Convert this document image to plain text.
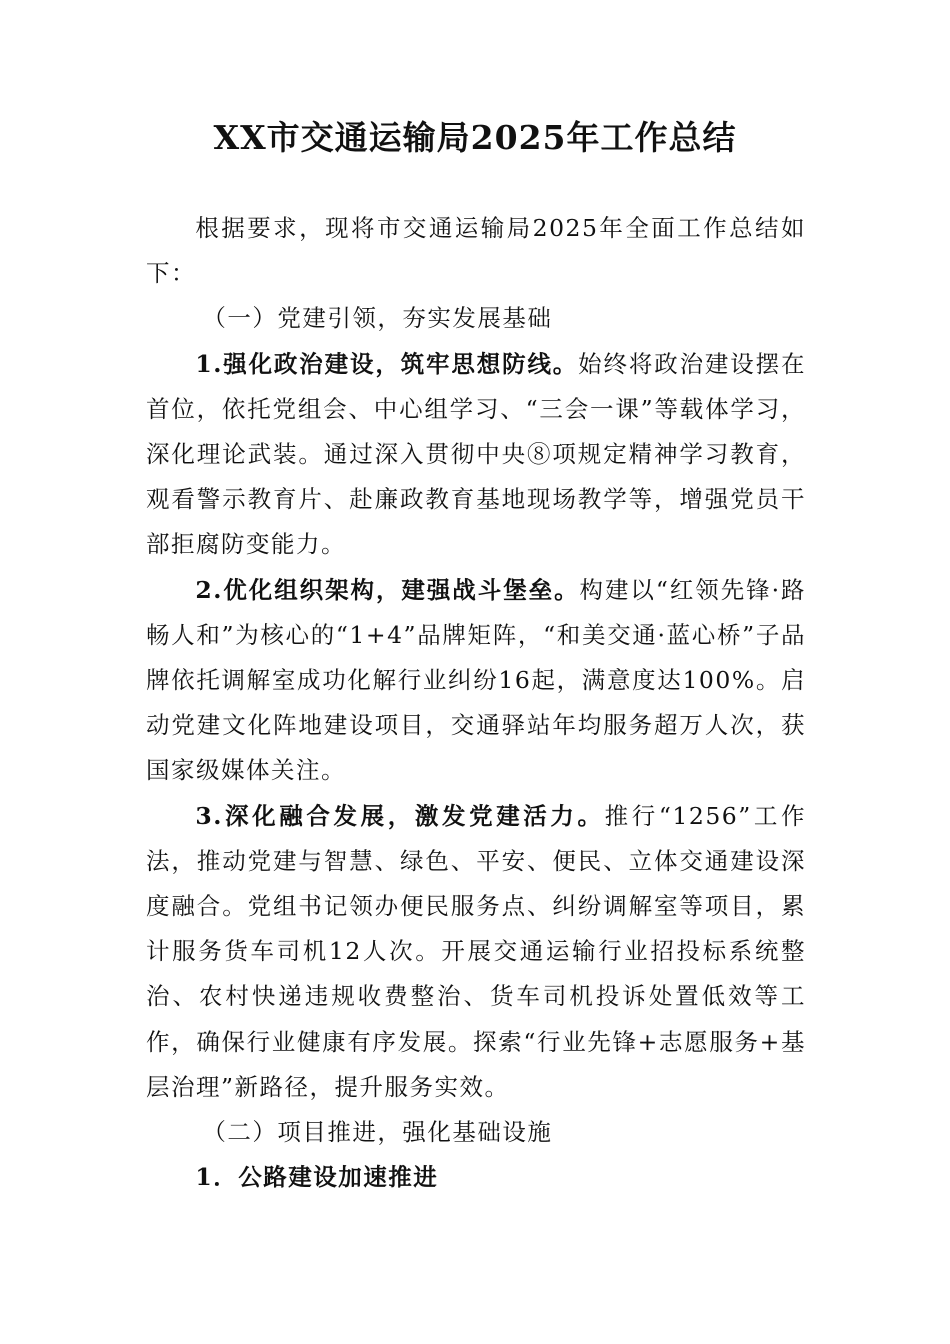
XX市交通运输局2025年工作总结

根据要求，现将市交通运输局2025年全面工作总结如下：

（一）党建引领，夯实发展基础

1.强化政治建设，筑牢思想防线。始终将政治建设摆在首位，依托党组会、中心组学习、“三会一课”等载体学习，深化理论武装。通过深入贯彻中央⑧项规定精神学习教育，观看警示教育片、赴廉政教育基地现场教学等，增强党员干部拒腐防变能力。

2.优化组织架构，建强战斗堡垒。构建以“红领先锋·路畅人和”为核心的“1+4”品牌矩阵，“和美交通·蓝心桥”子品牌依托调解室成功化解行业纠纷16起，满意度达100%。启动党建文化阵地建设项目，交通驿站年均服务超万人次，获国家级媒体关注。

3.深化融合发展，激发党建活力。推行“1256”工作法，推动党建与智慧、绿色、平安、便民、立体交通建设深度融合。党组书记领办便民服务点、纠纷调解室等项目，累计服务货车司机12人次。开展交通运输行业招投标系统整治、农村快递违规收费整治、货车司机投诉处置低效等工作，确保行业健康有序发展。探索“行业先锋+志愿服务+基层治理”新路径，提升服务实效。

（二）项目推进，强化基础设施

1．公路建设加速推进
